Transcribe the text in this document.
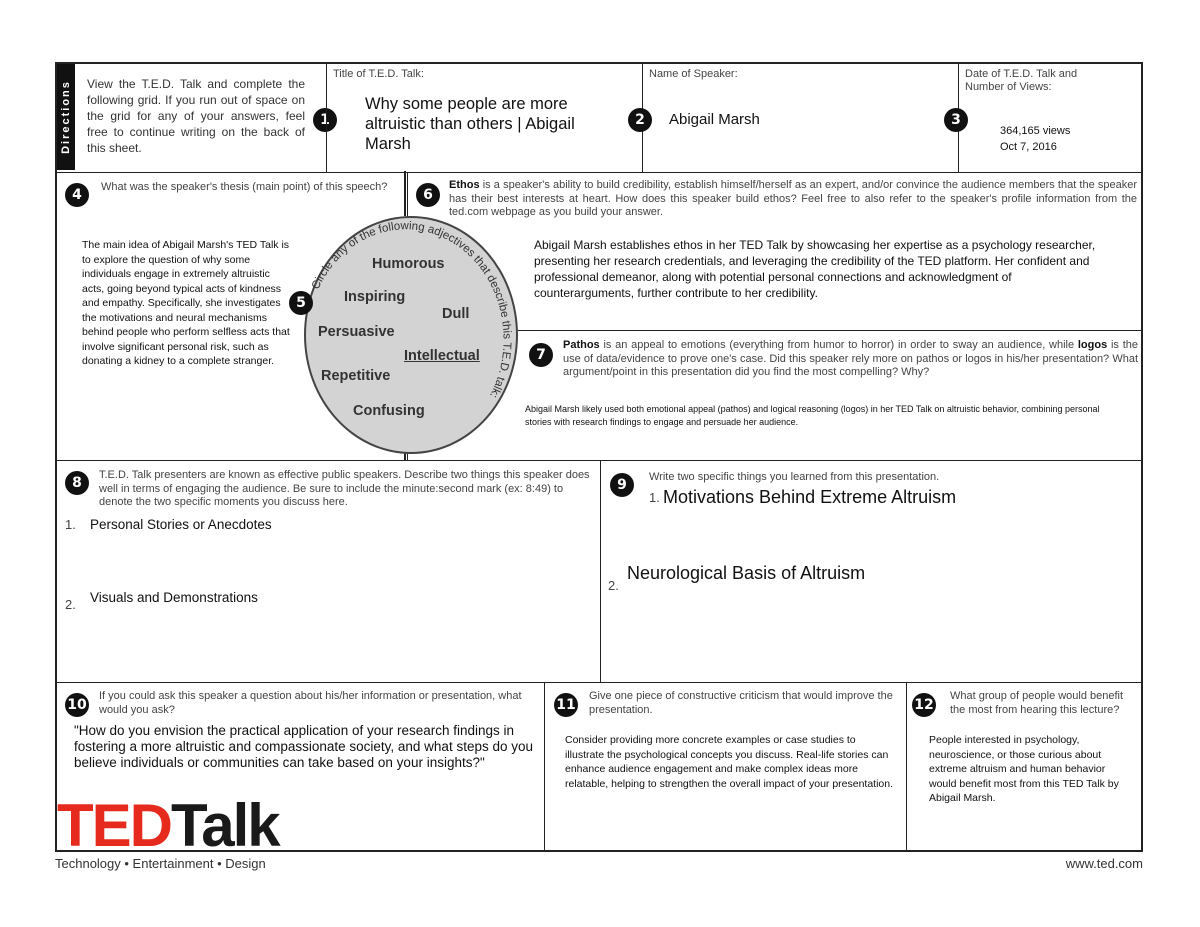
Directions View the T.E.D. Talk and complete the following grid. If you run out of space on the grid for any of your answers, feel free to continue writing on the back of this sheet.
1
Title of T.E.D. Talk:
Why some people are more altruistic than others | Abigail Marsh
Name of Speaker:
2	Abigail Marsh
Date of T.E.D. Talk and Number of Views:
3
364,165 views
Oct 7, 2016
4	What was the speaker's thesis (main point) of this speech?
The main idea of Abigail Marsh's TED Talk is to explore the question of why some individuals engage in extremely altruistic acts, going beyond typical acts of kindness and empathy. Specifically, she investigates the motivations and neural mechanisms behind people who perform selfless acts that involve significant personal risk, such as donating a kidney to a complete stranger.
6
Ethos is a speaker's ability to build credibility, establish himself/herself as an expert, and/or convince the audience members that the speaker has their best interests at heart. How does this speaker build ethos? Feel free to also refer to the speaker's profile information from the ted.com webpage as you build your answer.
Abigail Marsh establishes ethos in her TED Talk by showcasing her expertise as a psychology researcher, presenting her research credentials, and leveraging the credibility of the TED platform. Her confident and professional demeanor, along with potential personal connections and acknowledgment of counterarguments, further contribute to her credibility.
7
Pathos is an appeal to emotions (everything from humor to horror) in order to sway an audience, while logos is the use of data/evidence to prove one's case. Did this speaker rely more on pathos or logos in his/her presentation? What argument/point in this presentation did you find the most compelling? Why?
Abigail Marsh likely used both emotional appeal (pathos) and logical reasoning (logos) in her TED Talk on altruistic behavior, combining personal stories with research findings to engage and persuade her audience.
8	T.E.D. Talk presenters are known as effective public speakers. Describe two things this speaker does well in terms of engaging the audience. Be sure to include the minute:second mark (ex: 8:49) to denote the two specific moments you discuss here.
1. Personal Stories or Anecdotes
2. Visuals and Demonstrations
9	Write two specific things you learned from this presentation.
1. Motivations Behind Extreme Altruism
2.
Neurological Basis of Altruism
10
If you could ask this speaker a question about his/her information or presentation, what would you ask?
"How do you envision the practical application of your research findings in fostering a more altruistic and compassionate society, and what steps do you believe individuals or communities can take based on your insights?"
11
Give one piece of constructive criticism that would improve the presentation.
Consider providing more concrete examples or case studies to illustrate the psychological concepts you discuss. Real-life stories can enhance audience engagement and make complex ideas more relatable, helping to strengthen the overall impact of your presentation.
12
What group of people would benefit the most from hearing this lecture?
People interested in psychology, neuroscience, or those curious about extreme altruism and human behavior would benefit most from this TED Talk by Abigail Marsh.
Humorous
Inspiring
Dull
Persuasive
Intellectual
Repetitive
Confusing
Circle any of the following adjectives that describe this T.E.D. talk:
5
TEDTalk
Technology • Entertainment • Design	www.ted.com
